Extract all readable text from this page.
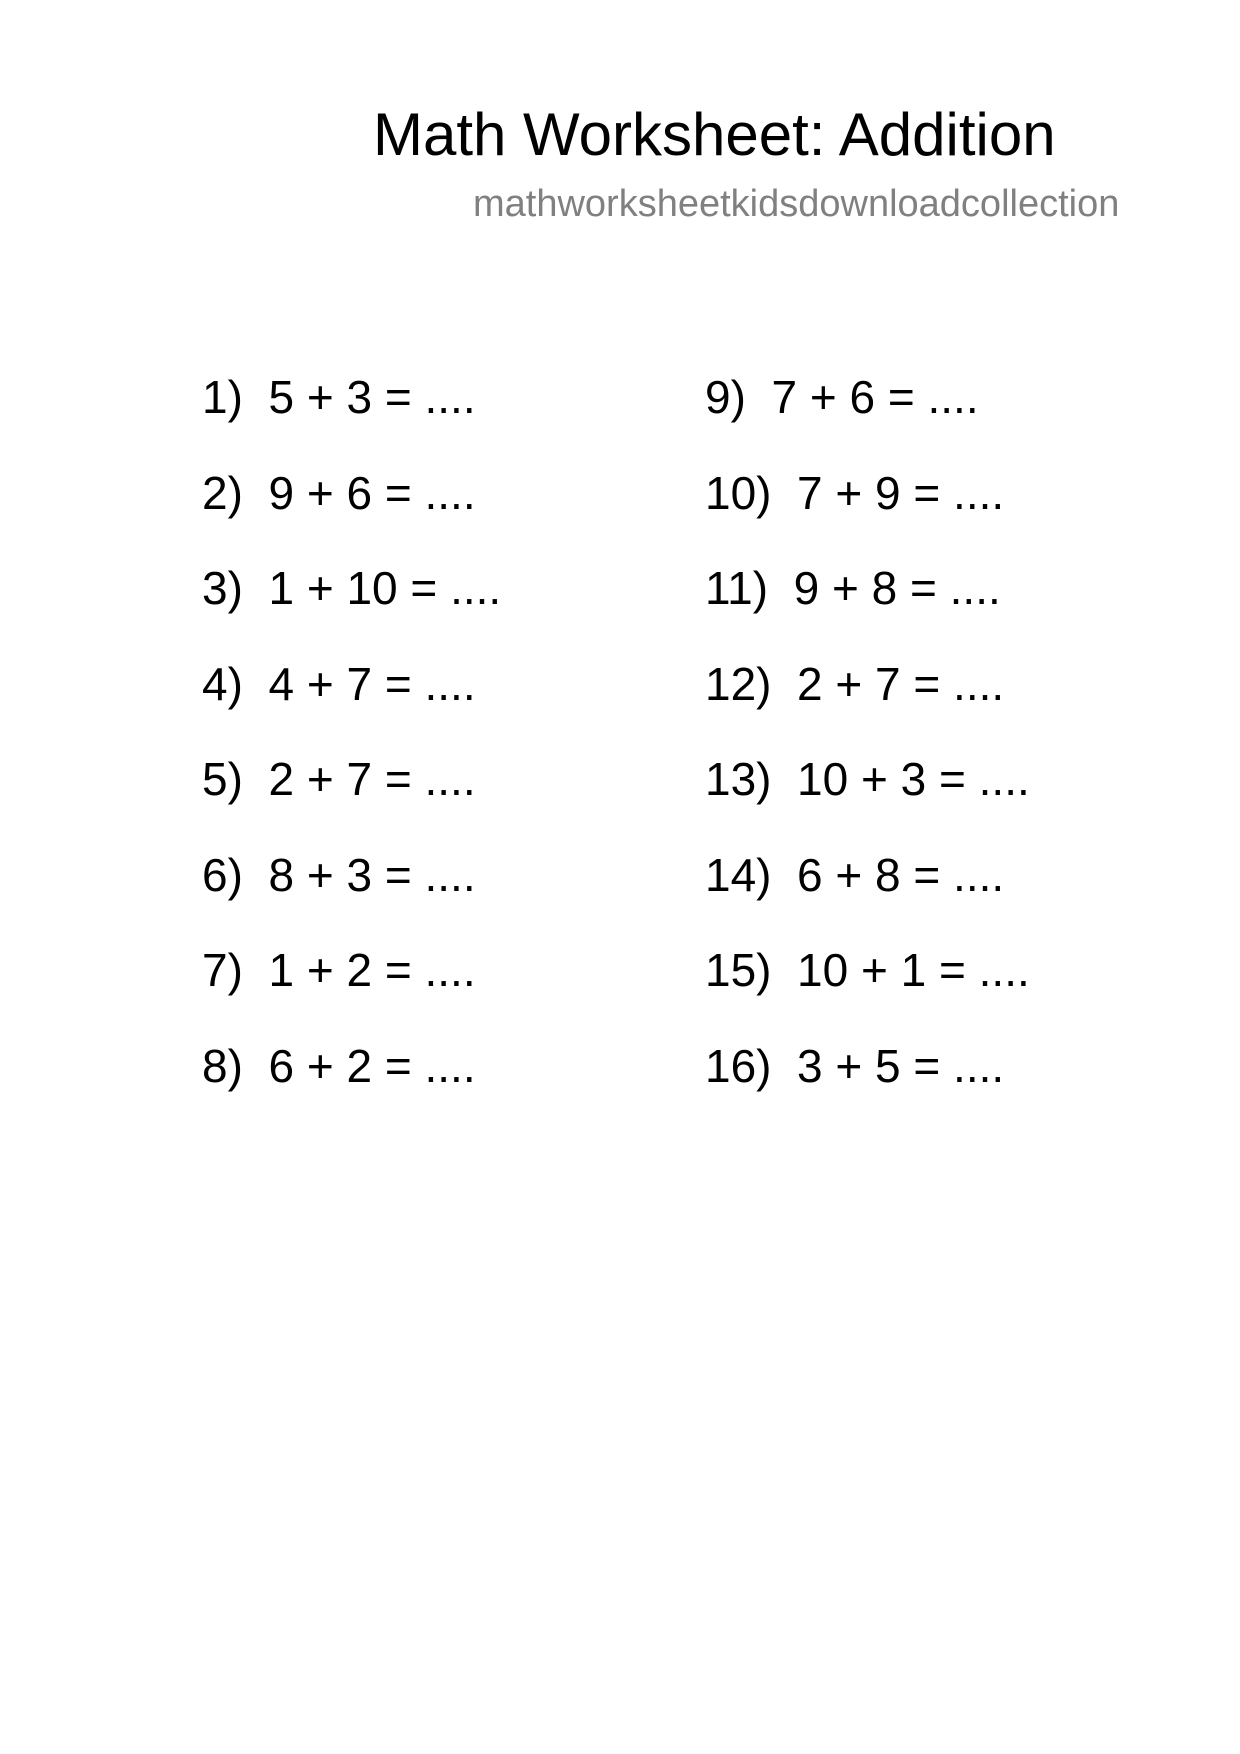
Math Worksheet: Addition
mathworksheetkidsdownloadcollection
1) 5 + 3 = ....
2) 9 + 6 = ....
3) 1 + 10 = ....
4) 4 + 7 = ....
5) 2 + 7 = ....
6) 8 + 3 = ....
7) 1 + 2 = ....
8) 6 + 2 = ....
9) 7 + 6 = ....
10) 7 + 9 = ....
11) 9 + 8 = ....
12) 2 + 7 = ....
13) 10 + 3 = ....
14) 6 + 8 = ....
15) 10 + 1 = ....
16) 3 + 5 = ....
